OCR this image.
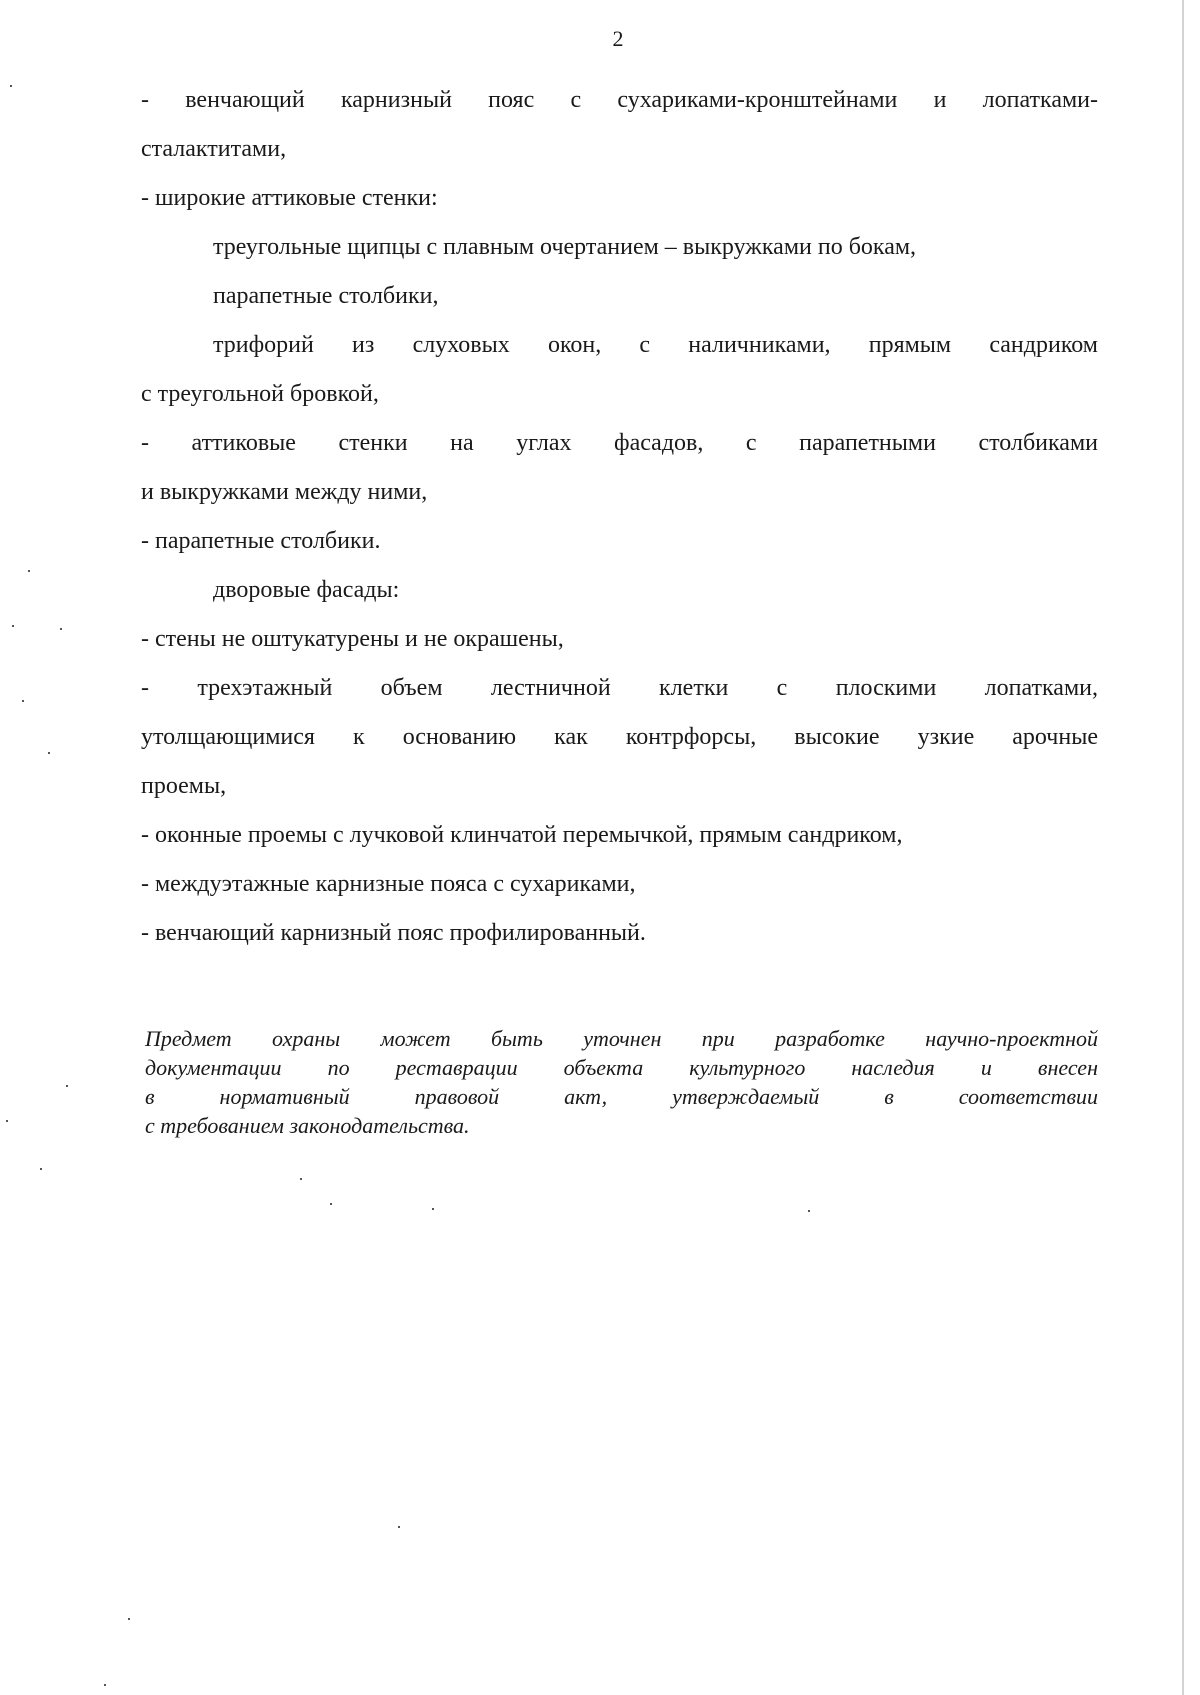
2
- венчающий карнизный пояс с сухариками-кронштейнами и лопатками-
сталактитами,
- широкие аттиковые стенки:
треугольные щипцы с плавным очертанием – выкружками по бокам,
парапетные столбики,
трифорий из слуховых окон, с наличниками, прямым сандриком
с треугольной бровкой,
- аттиковые стенки на углах фасадов, с парапетными столбиками
и выкружками между ними,
- парапетные столбики.
дворовые фасады:
- стены не оштукатурены и не окрашены,
- трехэтажный объем лестничной клетки с плоскими лопатками,
утолщающимися к основанию как контрфорсы, высокие узкие арочные
проемы,
- оконные проемы с лучковой клинчатой перемычкой, прямым сандриком,
- междуэтажные карнизные пояса с сухариками,
- венчающий карнизный пояс профилированный.
Предмет охраны может быть уточнен при разработке научно-проектной
документации по реставрации объекта культурного наследия и внесен
в нормативный правовой акт, утверждаемый в соответствии
с требованием законодательства.
